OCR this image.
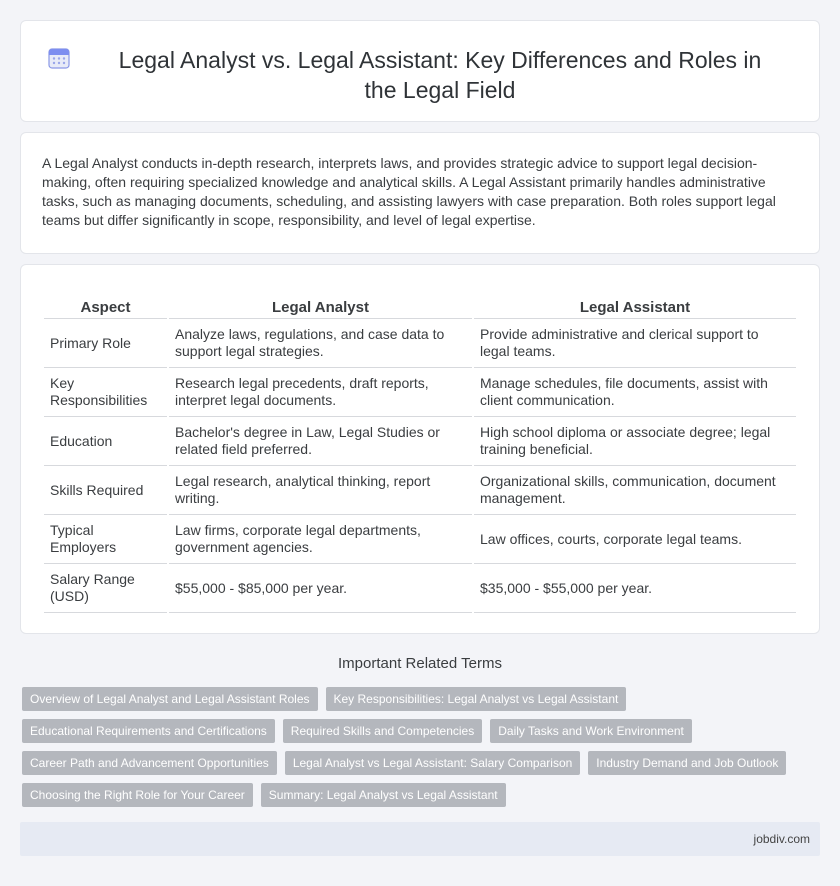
Legal Analyst vs. Legal Assistant: Key Differences and Roles in the Legal Field

A Legal Analyst conducts in-depth research, interprets laws, and provides strategic advice to support legal decision-making, often requiring specialized knowledge and analytical skills. A Legal Assistant primarily handles administrative tasks, such as managing documents, scheduling, and assisting lawyers with case preparation. Both roles support legal teams but differ significantly in scope, responsibility, and level of legal expertise.

Aspect	Legal Analyst	Legal Assistant
Primary Role	Analyze laws, regulations, and case data to support legal strategies.	Provide administrative and clerical support to legal teams.
Key Responsibilities	Research legal precedents, draft reports, interpret legal documents.	Manage schedules, file documents, assist with client communication.
Education	Bachelor's degree in Law, Legal Studies or related field preferred.	High school diploma or associate degree; legal training beneficial.
Skills Required	Legal research, analytical thinking, report writing.	Organizational skills, communication, document management.
Typical Employers	Law firms, corporate legal departments, government agencies.	Law offices, courts, corporate legal teams.
Salary Range (USD)	$55,000 - $85,000 per year.	$35,000 - $55,000 per year.
Important Related Terms
Overview of Legal Analyst and Legal Assistant Roles	Key Responsibilities: Legal Analyst vs Legal Assistant
Educational Requirements and Certifications	Required Skills and Competencies	Daily Tasks and Work Environment
Career Path and Advancement Opportunities	Legal Analyst vs Legal Assistant: Salary Comparison	Industry Demand and Job Outlook
Choosing the Right Role for Your Career	Summary: Legal Analyst vs Legal Assistant
jobdiv.com
